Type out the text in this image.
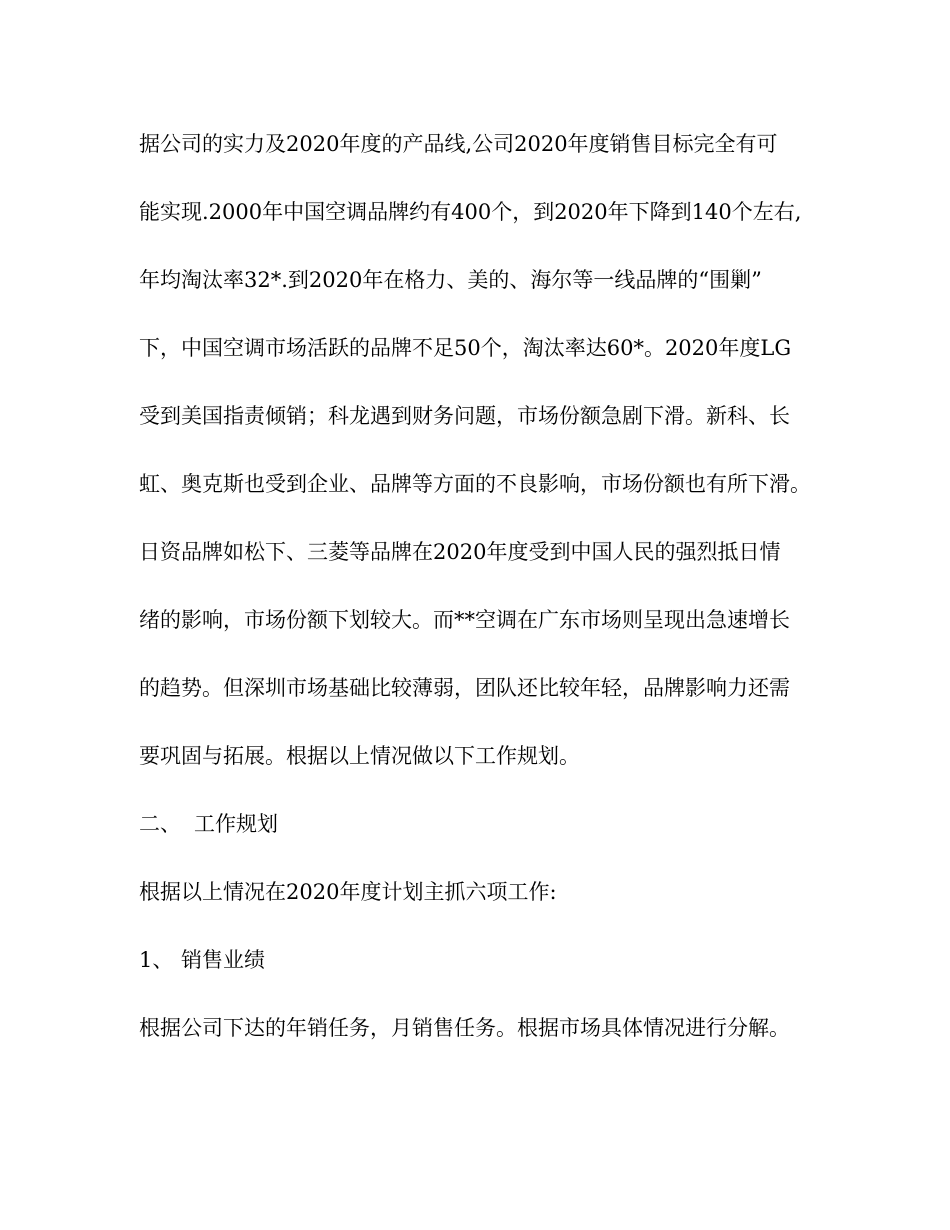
据公司的实力及2020年度的产品线,公司2020年度销售目标完全有可
能实现.2000年中国空调品牌约有400个，到2020年下降到140个左右,
年均淘汰率32*.到2020年在格力、美的、海尔等一线品牌的“围剿”
下，中国空调市场活跃的品牌不足50个，淘汰率达60*。2020年度LG
受到美国指责倾销；科龙遇到财务问题，市场份额急剧下滑。新科、长
虹、奥克斯也受到企业、品牌等方面的不良影响，市场份额也有所下滑。
日资品牌如松下、三菱等品牌在2020年度受到中国人民的强烈抵日情
绪的影响，市场份额下划较大。而**空调在广东市场则呈现出急速增长
的趋势。但深圳市场基础比较薄弱，团队还比较年轻，品牌影响力还需
要巩固与拓展。根据以上情况做以下工作规划。
二、 工作规划
根据以上情况在2020年度计划主抓六项工作:
1、 销售业绩
根据公司下达的年销任务，月销售任务。根据市场具体情况进行分解。
